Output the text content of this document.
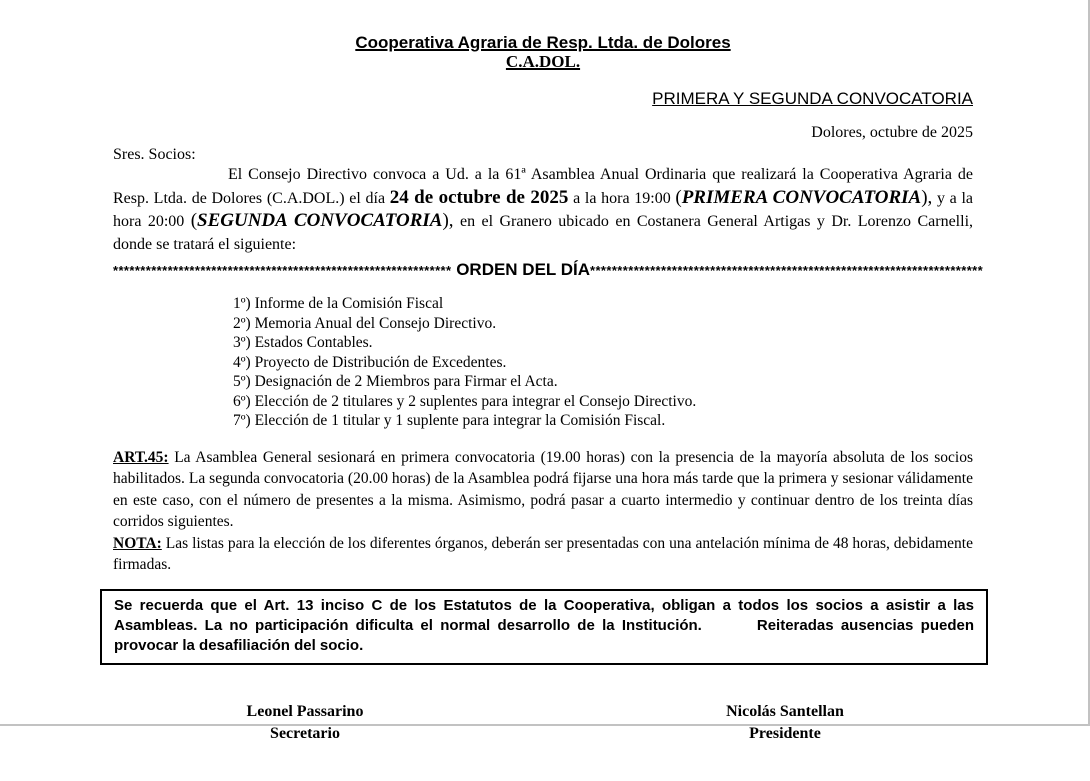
Cooperativa Agraria de Resp. Ltda. de Dolores
C.A.DOL.
PRIMERA Y SEGUNDA CONVOCATORIA
Dolores, octubre de 2025
Sres. Socios:

El Consejo Directivo convoca a Ud. a la 61ª Asamblea Anual Ordinaria que realizará la Cooperativa Agraria de Resp. Ltda. de Dolores (C.A.DOL.) el día 24 de octubre de 2025 a la hora 19:00 (PRIMERA CONVOCATORIA), y a la hora 20:00 (SEGUNDA CONVOCATORIA), en el Granero ubicado en Costanera General Artigas y Dr. Lorenzo Carnelli, donde se tratará el siguiente:

************************************************************** ORDEN DEL DÍA************************************************************************
1º) Informe de la Comisión Fiscal
2º) Memoria Anual del Consejo Directivo.
3º) Estados Contables.
4º) Proyecto de Distribución de Excedentes.
5º) Designación de 2 Miembros para Firmar el Acta.
6º) Elección de 2 titulares y 2 suplentes para integrar el Consejo Directivo.
7º) Elección de 1 titular y 1 suplente para integrar la Comisión Fiscal.
ART.45: La Asamblea General sesionará en primera convocatoria (19.00 horas) con la presencia de la mayoría absoluta de los socios habilitados. La segunda convocatoria (20.00 horas) de la Asamblea podrá fijarse una hora más tarde que la primera y sesionar válidamente en este caso, con el número de presentes a la misma. Asimismo, podrá pasar a cuarto intermedio y continuar dentro de los treinta días corridos siguientes.
NOTA: Las listas para la elección de los diferentes órganos, deberán ser presentadas con una antelación mínima de 48 horas, debidamente firmadas.
Se recuerda que el Art. 13 inciso C de los Estatutos de la Cooperativa, obligan a todos los socios a asistir a las Asambleas. La no participación dificulta el normal desarrollo de la Institución.	Reiteradas ausencias pueden provocar la desafiliación del socio.
Leonel Passarino
Secretario
Nicolás Santellan
Presidente
